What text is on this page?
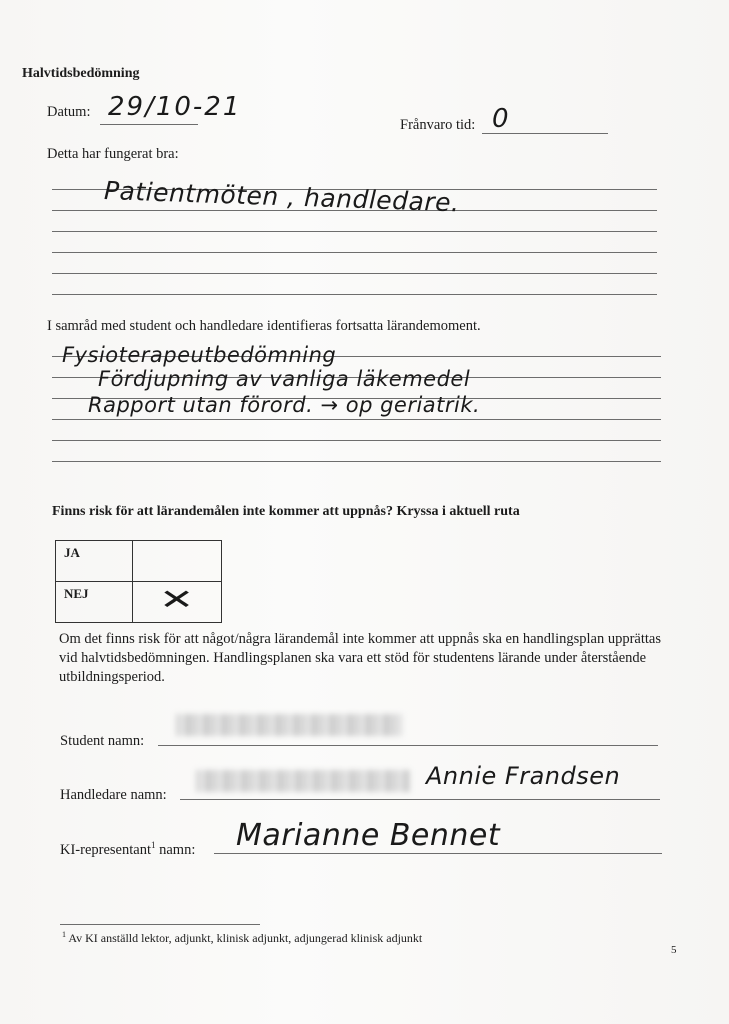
Halvtidsbedömning
Datum: 29/10-21
Frånvaro tid: 0
Detta har fungerat bra:
Patientmöten , handledare.
I samråd med student och handledare identifieras fortsatta lärandemoment.
Fysioterapeutbedömning
Fördjupning av vanliga läkemedel
Rapport utan förord. → op geriatrik.
Finns risk för att lärandemålen inte kommer att uppnås? Kryssa i aktuell ruta
JA	
NEJ	✕
Om det finns risk för att något/några lärandemål inte kommer att uppnås ska en handlingsplan upprättas vid halvtidsbedömningen. Handlingsplanen ska vara ett stöd för studentens lärande under återstående utbildningsperiod.
Student namn:
Handledare namn:
Annie Frandsen
KI-representant$^1$ namn: Marianne Bennet
$^1$ Av KI anställd lektor, adjunkt, klinisk adjunkt, adjungerad klinisk adjunkt
5
